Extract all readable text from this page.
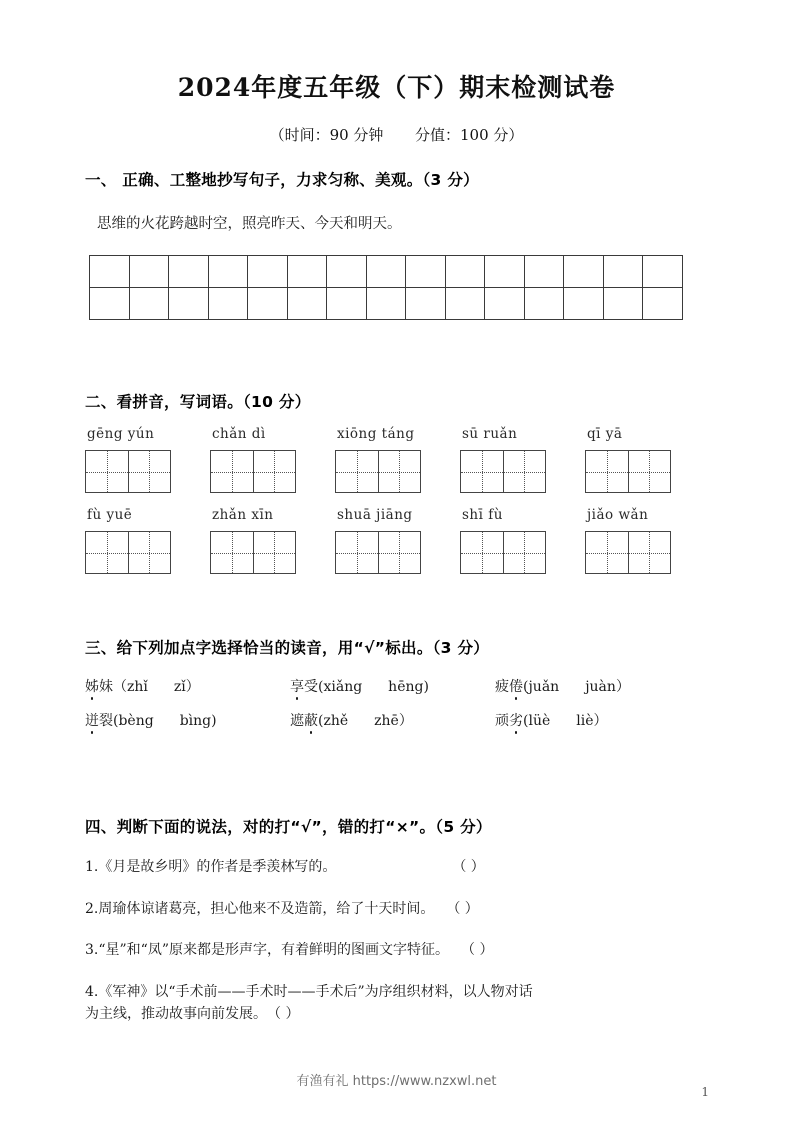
2024年度五年级（下）期末检测试卷
（时间：90 分钟 分值：100 分）
一、 正确、工整地抄写句子，力求匀称、美观。（3 分）
思维的火花跨越时空，照亮昨天、今天和明天。

二、看拼音，写词语。（10 分）
gēng yún	chǎn dì	xiōng táng	sū ruǎn	qī yā
fù yuē	zhǎn xīn	shuā jiāng	shī fù	jiǎo wǎn
三、给下列加点字选择恰当的读音，用“√”标出。（3 分）
姊妹（zhǐ zǐ）	享受(xiǎng hēng)	疲倦(juǎn juàn）
迸裂(bèng bìng)	遮蔽(zhě zhē）	顽劣(lüè liè）
四、判断下面的说法，对的打“√”，错的打“×”。（5 分）
1.《月是故乡明》的作者是季羡林写的。	（ ）
2.周瑜体谅诸葛亮，担心他来不及造箭，给了十天时间。 （ ）
3.“星”和“凤”原来都是形声字，有着鲜明的图画文字特征。 （ ）
4.《军神》以“手术前——手术时——手术后”为序组织材料，以人物对话
为主线，推动故事向前发展。（ ）
有渔有礼 https://www.nzxwl.net
1
